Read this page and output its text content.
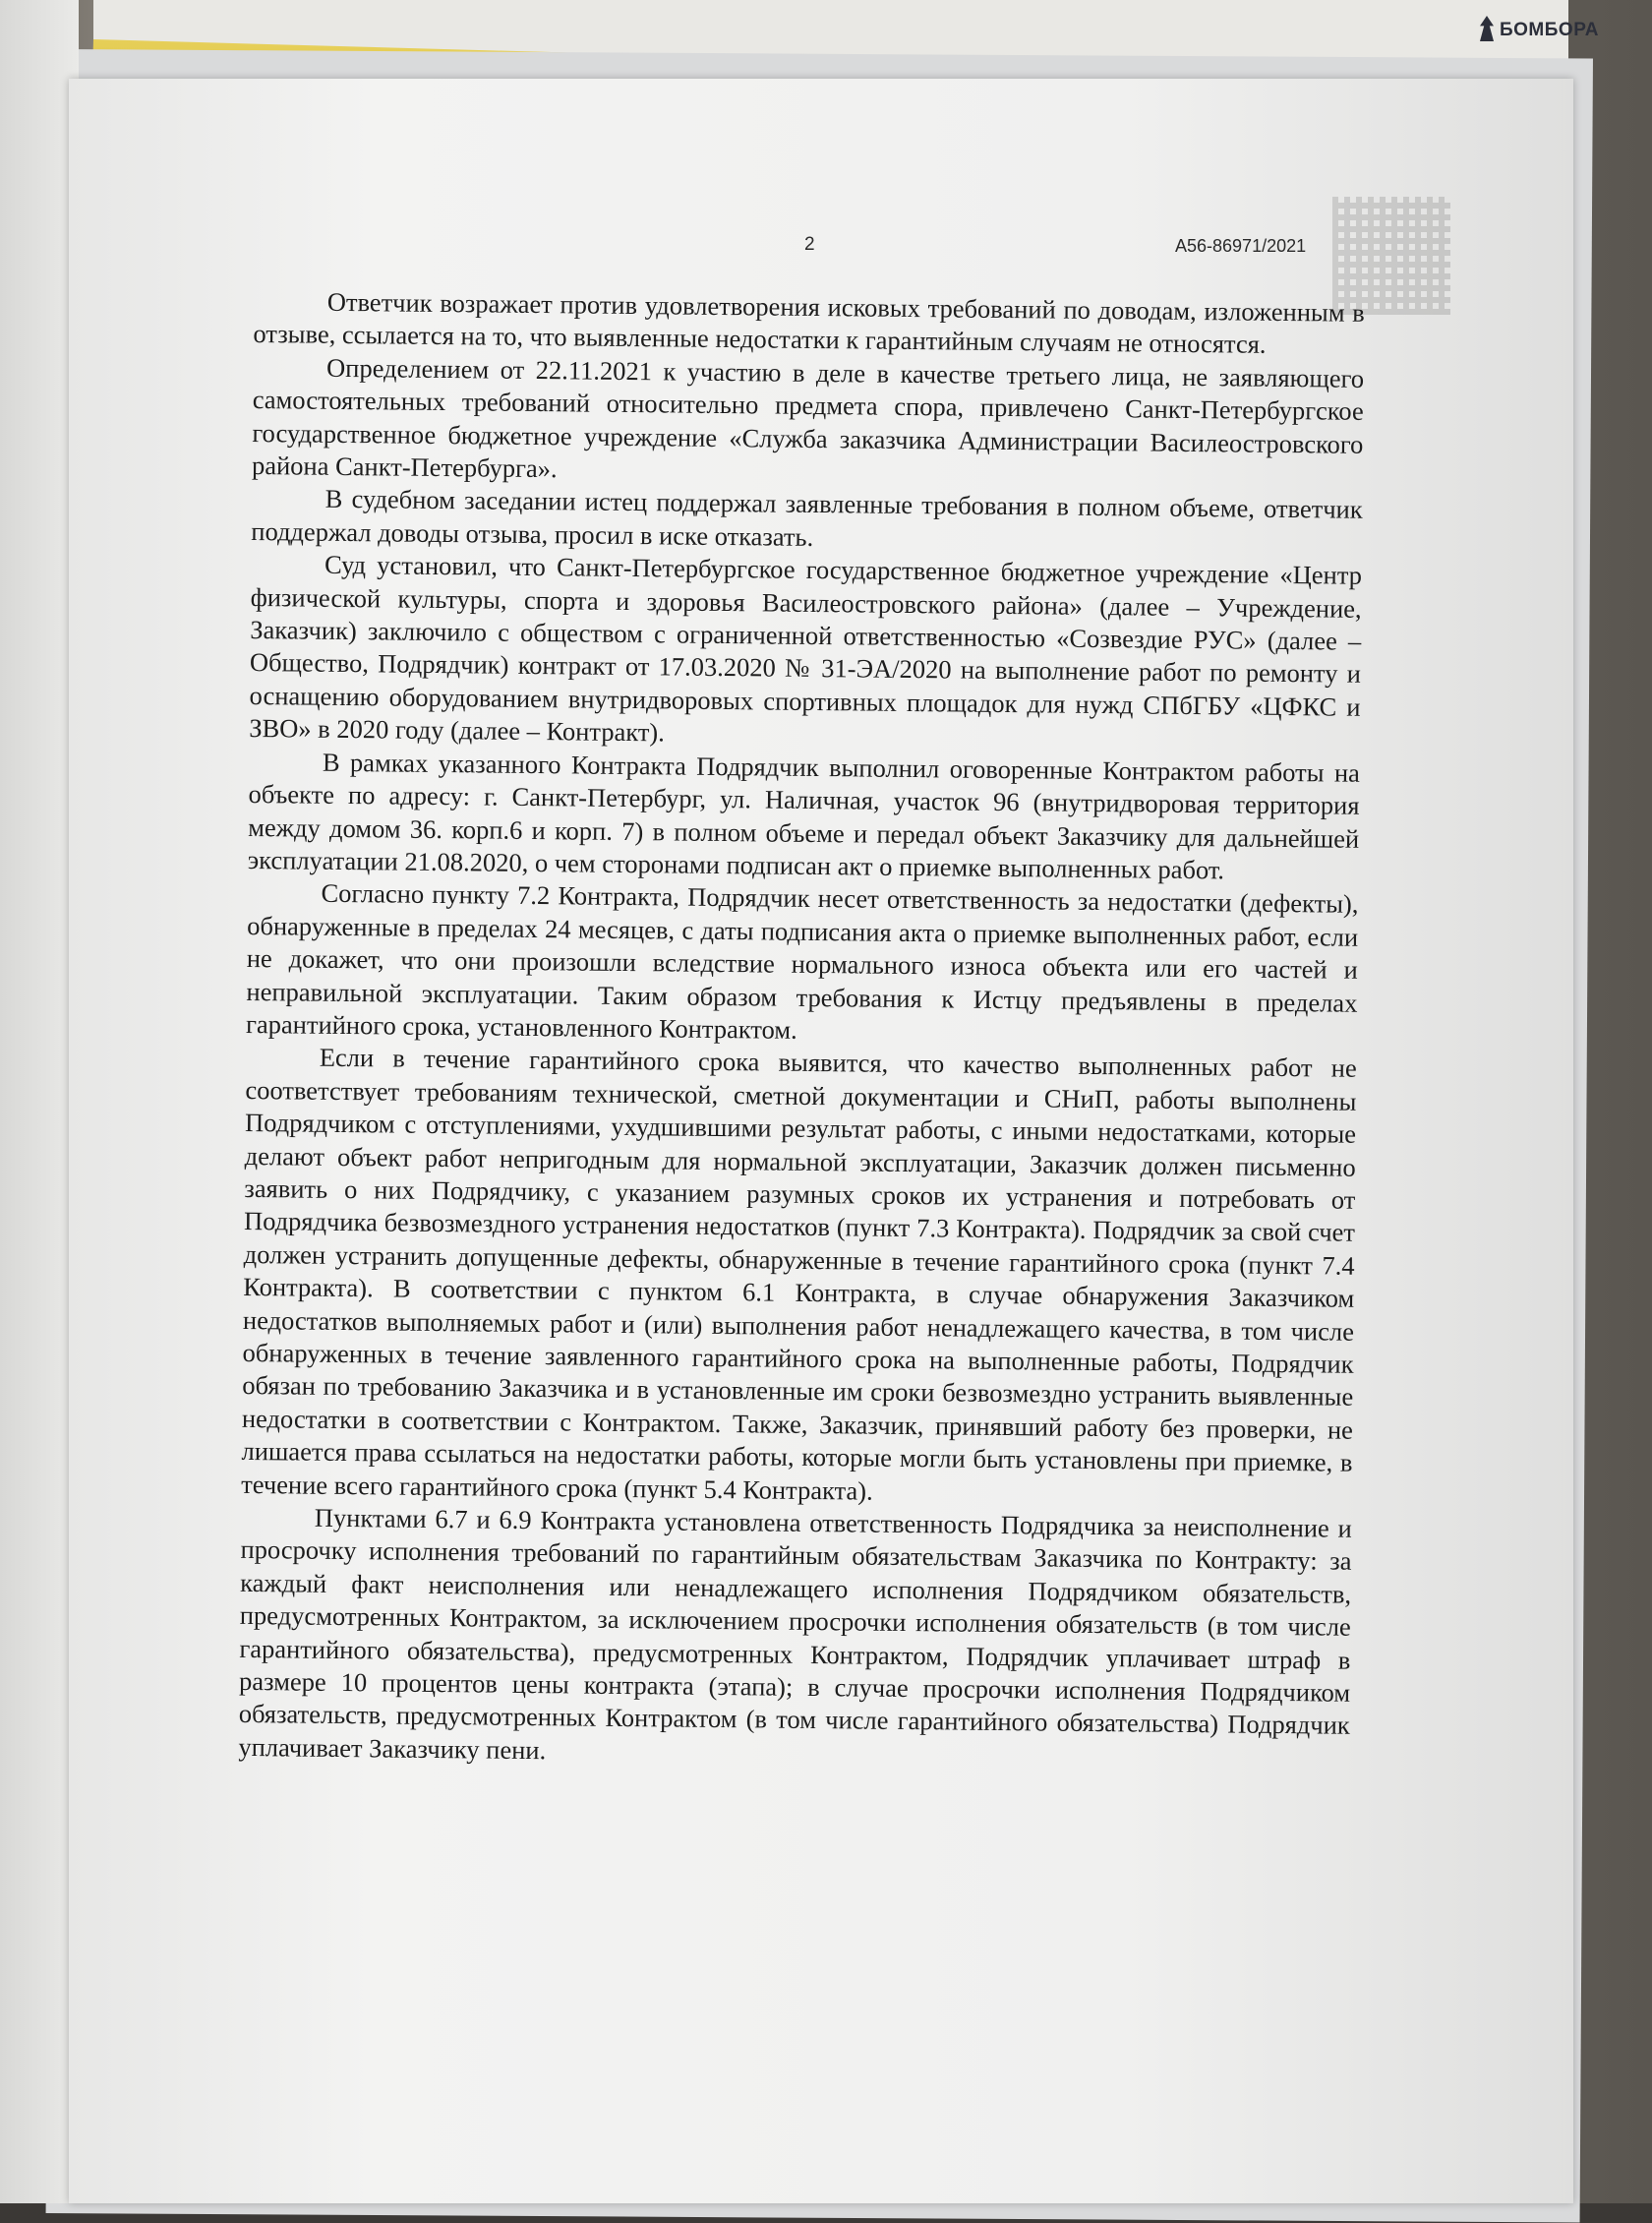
БОМБОРА
2	А56-86971/2021

Ответчик возражает против удовлетворения исковых требований по доводам, изложенным в отзыве, ссылается на то, что выявленные недостатки к гарантийным случаям не относятся.

Определением от 22.11.2021 к участию в деле в качестве третьего лица, не заявляющего самостоятельных требований относительно предмета спора, привлечено Санкт-Петербургское государственное бюджетное учреждение «Служба заказчика Администрации Василеостровского района Санкт-Петербурга».

В судебном заседании истец поддержал заявленные требования в полном объеме, ответчик поддержал доводы отзыва, просил в иске отказать.

Суд установил, что Санкт-Петербургское государственное бюджетное учреждение «Центр физической культуры, спорта и здоровья Василеостровского района» (далее – Учреждение, Заказчик) заключило с обществом с ограниченной ответственностью «Созвездие РУС» (далее – Общество, Подрядчик) контракт от 17.03.2020 № 31-ЭА/2020 на выполнение работ по ремонту и оснащению оборудованием внутридворовых спортивных площадок для нужд СПбГБУ «ЦФКС и ЗВО» в 2020 году (далее – Контракт).

В рамках указанного Контракта Подрядчик выполнил оговоренные Контрактом работы на объекте по адресу: г. Санкт-Петербург, ул. Наличная, участок 96 (внутридворовая территория между домом 36. корп.6 и корп. 7) в полном объеме и передал объект Заказчику для дальнейшей эксплуатации 21.08.2020, о чем сторонами подписан акт о приемке выполненных работ.

Согласно пункту 7.2 Контракта, Подрядчик несет ответственность за недостатки (дефекты), обнаруженные в пределах 24 месяцев, с даты подписания акта о приемке выполненных работ, если не докажет, что они произошли вследствие нормального износа объекта или его частей и неправильной эксплуатации. Таким образом требования к Истцу предъявлены в пределах гарантийного срока, установленного Контрактом.

Если в течение гарантийного срока выявится, что качество выполненных работ не соответствует требованиям технической, сметной документации и СНиП, работы выполнены Подрядчиком с отступлениями, ухудшившими результат работы, с иными недостатками, которые делают объект работ непригодным для нормальной эксплуатации, Заказчик должен письменно заявить о них Подрядчику, с указанием разумных сроков их устранения и потребовать от Подрядчика безвозмездного устранения недостатков (пункт 7.3 Контракта). Подрядчик за свой счет должен устранить допущенные дефекты, обнаруженные в течение гарантийного срока (пункт 7.4 Контракта). В соответствии с пунктом 6.1 Контракта, в случае обнаружения Заказчиком недостатков выполняемых работ и (или) выполнения работ ненадлежащего качества, в том числе обнаруженных в течение заявленного гарантийного срока на выполненные работы, Подрядчик обязан по требованию Заказчика и в установленные им сроки безвозмездно устранить выявленные недостатки в соответствии с Контрактом. Также, Заказчик, принявший работу без проверки, не лишается права ссылаться на недостатки работы, которые могли быть установлены при приемке, в течение всего гарантийного срока (пункт 5.4 Контракта).

Пунктами 6.7 и 6.9 Контракта установлена ответственность Подрядчика за неисполнение и просрочку исполнения требований по гарантийным обязательствам Заказчика по Контракту: за каждый факт неисполнения или ненадлежащего исполнения Подрядчиком обязательств, предусмотренных Контрактом, за исключением просрочки исполнения обязательств (в том числе гарантийного обязательства), предусмотренных Контрактом, Подрядчик уплачивает штраф в размере 10 процентов цены контракта (этапа); в случае просрочки исполнения Подрядчиком обязательств, предусмотренных Контрактом (в том числе гарантийного обязательства) Подрядчик уплачивает Заказчику пени.
